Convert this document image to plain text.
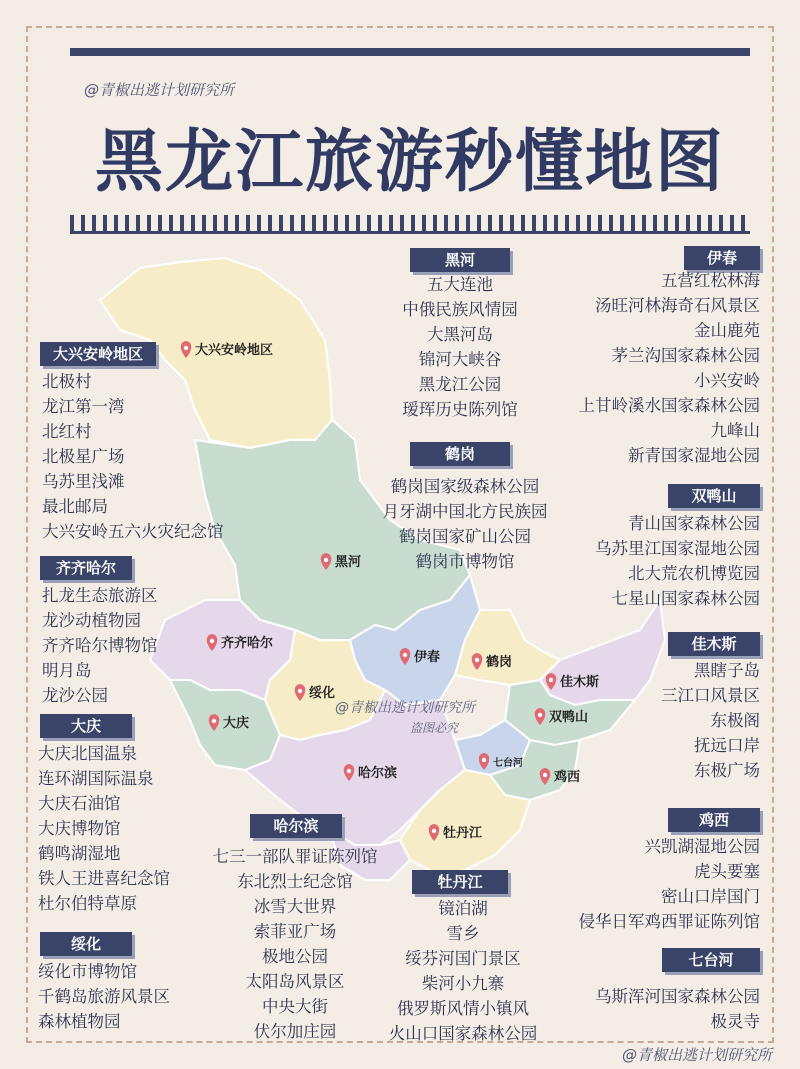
@青椒出逃计划研究所
黑龙江旅游秒懂地图
大兴安岭地区
黑河
齐齐哈尔
伊春	鹤岗
佳木斯
绥化
双鸭山
大庆
七台河
哈尔滨	鸡西
牡丹江
黑河
五大连池
中俄民族风情园
大黑河岛
锦河大峡谷
黑龙江公园
瑷珲历史陈列馆
伊春
五营红松林海
汤旺河林海奇石风景区
金山鹿苑
茅兰沟国家森林公园
小兴安岭
上甘岭溪水国家森林公园
九峰山
新青国家湿地公园
大兴安岭地区
北极村
龙江第一湾
北红村
北极星广场
乌苏里浅滩
最北邮局
大兴安岭五六火灾纪念馆
鹤岗
鹤岗国家级森林公园
月牙湖中国北方民族园
鹤岗国家矿山公园
鹤岗市博物馆
双鸭山
青山国家森林公园
乌苏里江国家湿地公园
北大荒农机博览园
七星山国家森林公园
齐齐哈尔
扎龙生态旅游区
龙沙动植物园
齐齐哈尔博物馆
明月岛
龙沙公园
佳木斯
黑瞎子岛
三江口风景区
东极阁
抚远口岸
东极广场
大庆
大庆北国温泉
连环湖国际温泉
大庆石油馆
大庆博物馆
鹤鸣湖湿地
铁人王进喜纪念馆
杜尔伯特草原
鸡西
兴凯湖湿地公园
虎头要塞
密山口岸国门
侵华日军鸡西罪证陈列馆
哈尔滨
七三一部队罪证陈列馆
东北烈士纪念馆
冰雪大世界
索菲亚广场
极地公园
太阳岛风景区
中央大街
伏尔加庄园
牡丹江
镜泊湖
雪乡
绥芬河国门景区
柴河小九寨
俄罗斯风情小镇风
火山口国家森林公园
七台河
乌斯浑河国家森林公园
极灵寺
绥化
绥化市博物馆
千鹤岛旅游风景区
森林植物园
@青椒出逃计划研究所
盗图必究
@青椒出逃计划研究所
